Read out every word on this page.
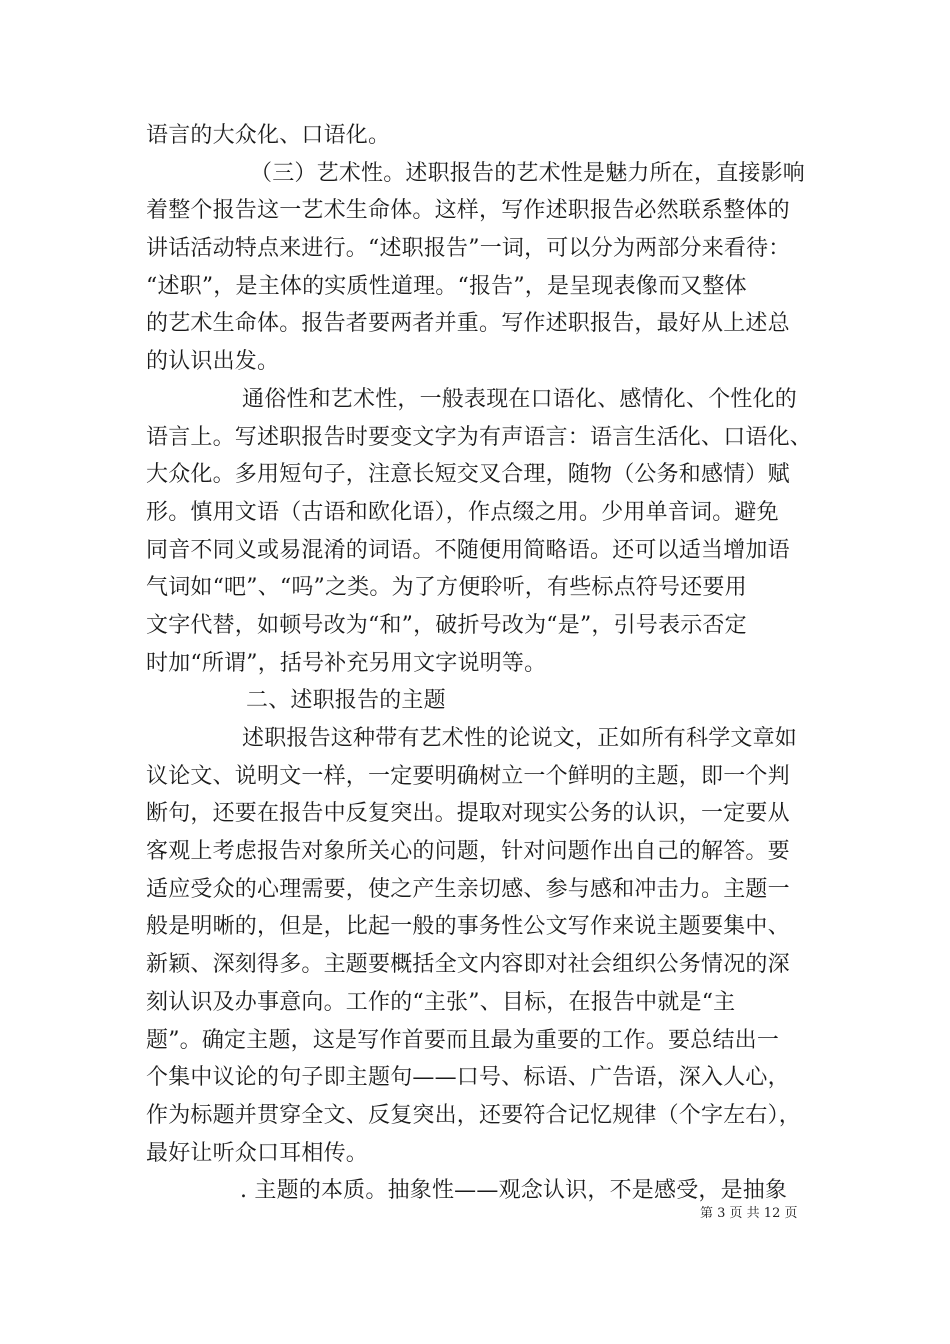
语言的大众化、口语化。
（三）艺术性。述职报告的艺术性是魅力所在，直接影响
着整个报告这一艺术生命体。这样，写作述职报告必然联系整体的
讲话活动特点来进行。“述职报告”一词，可以分为两部分来看待：
“述职”，是主体的实质性道理。“报告”，是呈现表像而又整体
的艺术生命体。报告者要两者并重。写作述职报告，最好从上述总
的认识出发。
通俗性和艺术性，一般表现在口语化、感情化、个性化的
语言上。写述职报告时要变文字为有声语言：语言生活化、口语化、
大众化。多用短句子，注意长短交叉合理，随物（公务和感情）赋
形。慎用文语（古语和欧化语），作点缀之用。少用单音词。避免
同音不同义或易混淆的词语。不随便用简略语。还可以适当增加语
气词如“吧”、“吗”之类。为了方便聆听，有些标点符号还要用
文字代替，如顿号改为“和”，破折号改为“是”，引号表示否定
时加“所谓”，括号补充另用文字说明等。
二、述职报告的主题
述职报告这种带有艺术性的论说文，正如所有科学文章如
议论文、说明文一样，一定要明确树立一个鲜明的主题，即一个判
断句，还要在报告中反复突出。提取对现实公务的认识，一定要从
客观上考虑报告对象所关心的问题，针对问题作出自己的解答。要
适应受众的心理需要，使之产生亲切感、参与感和冲击力。主题一
般是明晰的，但是，比起一般的事务性公文写作来说主题要集中、
新颖、深刻得多。主题要概括全文内容即对社会组织公务情况的深
刻认识及办事意向。工作的“主张”、目标，在报告中就是“主
题”。确定主题，这是写作首要而且最为重要的工作。要总结出一
个集中议论的句子即主题句——口号、标语、广告语，深入人心，
作为标题并贯穿全文、反复突出，还要符合记忆规律（个字左右），
最好让听众口耳相传。
. 主题的本质。抽象性——观念认识，不是感受，是抽象
第 3 页 共 12 页
